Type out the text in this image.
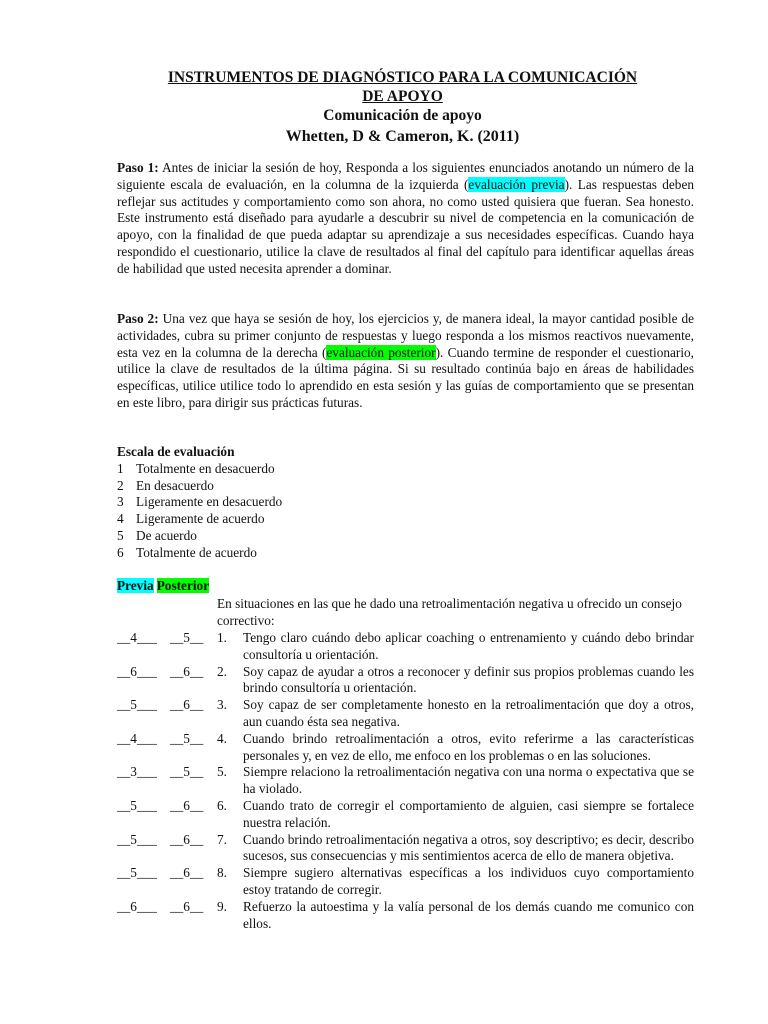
INSTRUMENTOS DE DIAGNÓSTICO PARA LA COMUNICACIÓN
DE APOYO
Comunicación de apoyo
Whetten, D & Cameron, K. (2011)
Paso 1: Antes de iniciar la sesión de hoy, Responda a los siguientes enunciados anotando un número de la siguiente escala de evaluación, en la columna de la izquierda (evaluación previa). Las respuestas deben reflejar sus actitudes y comportamiento como son ahora, no como usted quisiera que fueran. Sea honesto. Este instrumento está diseñado para ayudarle a descubrir su nivel de competencia en la comunicación de apoyo, con la finalidad de que pueda adaptar su aprendizaje a sus necesidades específicas. Cuando haya respondido el cuestionario, utilice la clave de resultados al final del capítulo para identificar aquellas áreas de habilidad que usted necesita aprender a dominar.
Paso 2: Una vez que haya se sesión de hoy, los ejercicios y, de manera ideal, la mayor cantidad posible de actividades, cubra su primer conjunto de respuestas y luego responda a los mismos reactivos nuevamente, esta vez en la columna de la derecha (evaluación posterior). Cuando termine de responder el cuestionario, utilice la clave de resultados de la última página. Si su resultado continúa bajo en áreas de habilidades específicas, utilice utilice todo lo aprendido en esta sesión y las guías de comportamiento que se presentan en este libro, para dirigir sus prácticas futuras.
Escala de evaluación
1 Totalmente en desacuerdo
2 En desacuerdo
3 Ligeramente en desacuerdo
4 Ligeramente de acuerdo
5 De acuerdo
6 Totalmente de acuerdo
Previa Posterior
En situaciones en las que he dado una retroalimentación negativa u ofrecido un consejo correctivo:
__4___ __5__	1.	Tengo claro cuándo debo aplicar coaching o entrenamiento y cuándo debo brindar consultoría u orientación.
__6___ __6__	2.	Soy capaz de ayudar a otros a reconocer y definir sus propios problemas cuando les brindo consultoría u orientación.
__5___ __6__	3.	Soy capaz de ser completamente honesto en la retroalimentación que doy a otros, aun cuando ésta sea negativa.
__4___ __5__	4.	Cuando brindo retroalimentación a otros, evito referirme a las características personales y, en vez de ello, me enfoco en los problemas o en las soluciones.
__3___ __5__	5.	Siempre relaciono la retroalimentación negativa con una norma o expectativa que se ha violado.
__5___ __6__	6.	Cuando trato de corregir el comportamiento de alguien, casi siempre se fortalece nuestra relación.
__5___ __6__	7.	Cuando brindo retroalimentación negativa a otros, soy descriptivo; es decir, describo sucesos, sus consecuencias y mis sentimientos acerca de ello de manera objetiva.
__5___ __6__	8.	Siempre sugiero alternativas específicas a los individuos cuyo comportamiento estoy tratando de corregir.
__6___ __6__	9.	Refuerzo la autoestima y la valía personal de los demás cuando me comunico con ellos.
